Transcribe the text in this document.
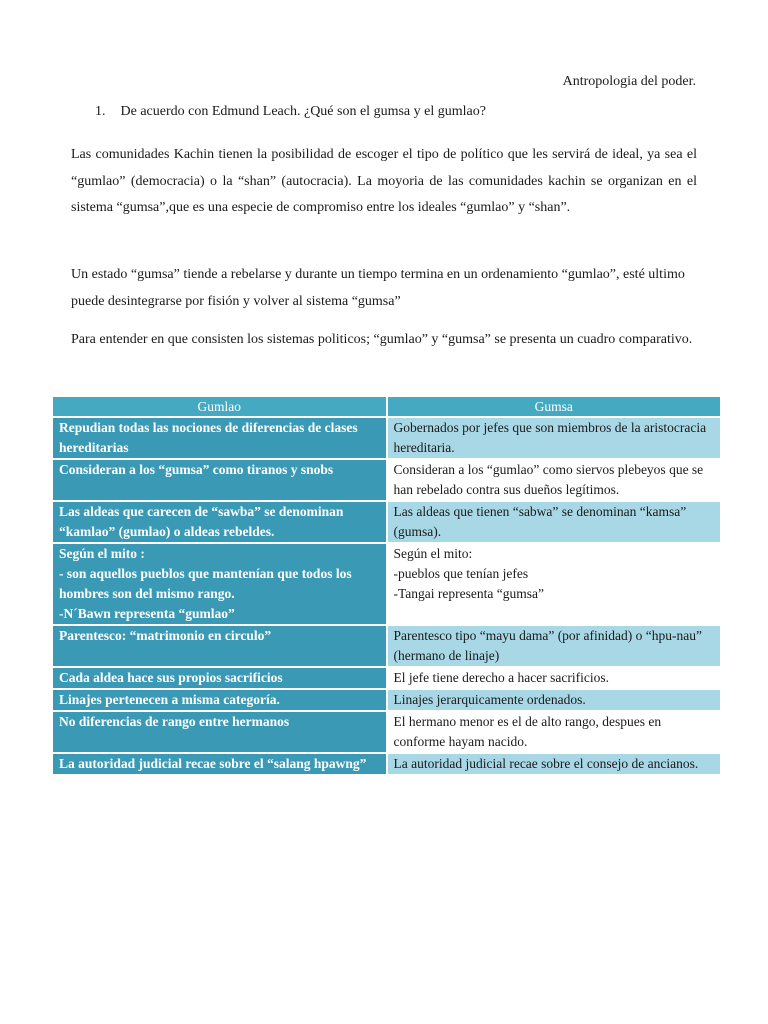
Antropologia del poder.
1. De acuerdo con Edmund Leach. ¿Qué son el gumsa y el gumlao?
Las comunidades Kachin tienen la posibilidad de escoger el tipo de político que les servirá de ideal, ya sea el “gumlao” (democracia) o la “shan” (autocracia). La moyoria de las comunidades kachin se organizan en el sistema “gumsa”,que es una especie de compromiso entre los ideales “gumlao” y “shan”.
Un estado “gumsa” tiende a rebelarse y durante un tiempo termina en un ordenamiento “gumlao”, esté ultimo puede desintegrarse por fisión y volver al sistema “gumsa”
Para entender en que consisten los sistemas politicos; “gumlao” y “gumsa” se presenta un cuadro comparativo.
Gumlao	Gumsa

Repudian todas las nociones de diferencias de clases hereditarias	Gobernados por jefes que son miembros de la aristocracia hereditaria.

Consideran a los “gumsa” como tiranos y snobs	Consideran a los “gumlao” como siervos plebeyos que se han rebelado contra sus dueños legítimos.

Las aldeas que carecen de “sawba” se denominan “kamlao” (gumlao) o aldeas rebeldes.	Las aldeas que tienen “sabwa” se denominan “kamsa” (gumsa).

Según el mito :
- son aquellos pueblos que mantenían que todos los hombres son del mismo rango.
-N´Bawn representa “gumlao”	Según el mito:
-pueblos que tenían jefes
-Tangai representa “gumsa”

Parentesco: “matrimonio en circulo”	Parentesco tipo “mayu dama” (por afinidad) o “hpu-nau” (hermano de linaje)

Cada aldea hace sus propios sacrificios	El jefe tiene derecho a hacer sacrificios.

Linajes pertenecen a misma categoría.	Linajes jerarquicamente ordenados.

No diferencias de rango entre hermanos	El hermano menor es el de alto rango, despues en conforme hayam nacido.

La autoridad judicial recae sobre el “salang hpawng”	La autoridad judicial recae sobre el consejo de ancianos.
